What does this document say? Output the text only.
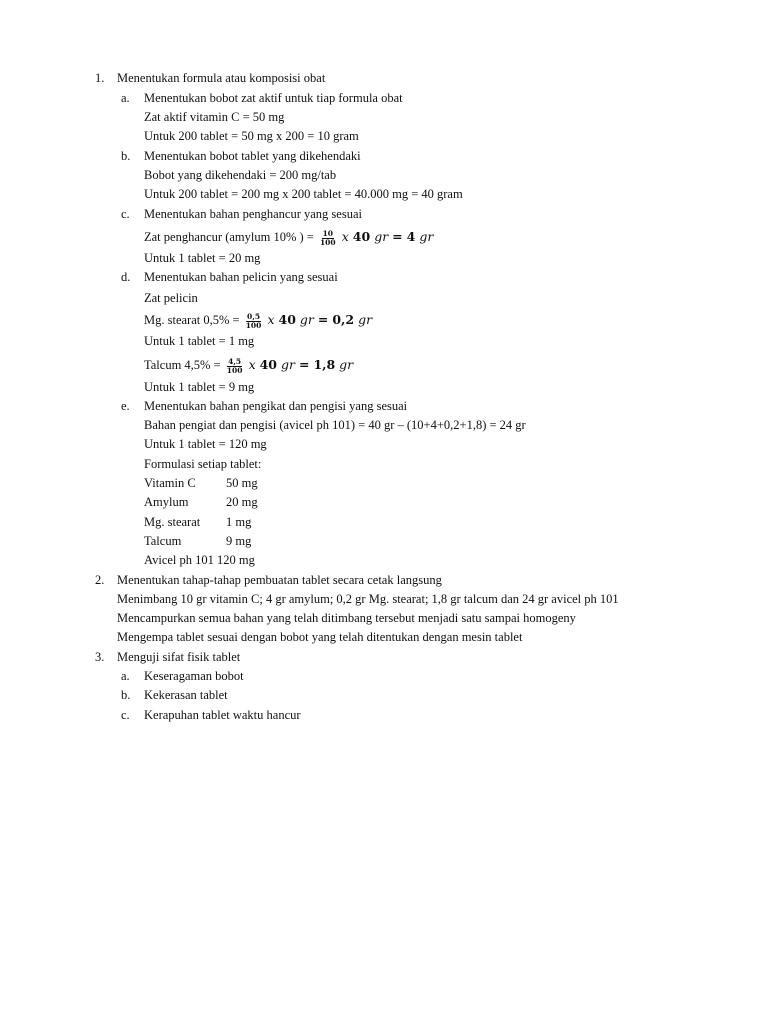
1. Menentukan formula atau komposisi obat
a. Menentukan bobot zat aktif untuk tiap formula obat
Zat aktif vitamin C = 50 mg
Untuk 200 tablet = 50 mg x 200 = 10 gram
b. Menentukan bobot tablet yang dikehendaki
Bobot yang dikehendaki = 200 mg/tab
Untuk 200 tablet = 200 mg x 200 tablet = 40.000 mg = 40 gram
c. Menentukan bahan penghancur yang sesuai
Zat penghancur (amylum 10% ) = $\frac{10}{100}$ x 40 gr = 4 gr
Untuk 1 tablet = 20 mg
d. Menentukan bahan pelicin yang sesuai
Zat pelicin
Mg. stearat $0,5\% = \frac{0,5}{100}$ x 40 gr = 0,2 gr
Untuk 1 tablet = 1 mg
Talcum $4,5\% = \frac{4,5}{100}$ x 40 gr = 1,8 gr
Untuk 1 tablet = 9 mg
e. Menentukan bahan pengikat dan pengisi yang sesuai
Bahan pengiat dan pengisi (avicel ph 101) = 40 gr – (10+4+0,2+1,8) = 24 gr
Untuk 1 tablet = 120 mg
Formulasi setiap tablet:
Vitamin C 50 mg
Amylum	20 mg
Mg. stearat 1 mg
Talcum	9 mg
Avicel ph 101 120 mg
2. Menentukan tahap-tahap pembuatan tablet secara cetak langsung
Menimbang 10 gr vitamin C; 4 gr amylum; 0,2 gr Mg. stearat; 1,8 gr talcum dan 24 gr avicel ph 101
Mencampurkan semua bahan yang telah ditimbang tersebut menjadi satu sampai homogeny
Mengempa tablet sesuai dengan bobot yang telah ditentukan dengan mesin tablet
3. Menguji sifat fisik tablet
a. Keseragaman bobot
b. Kekerasan tablet
c. Kerapuhan tablet waktu hancur
